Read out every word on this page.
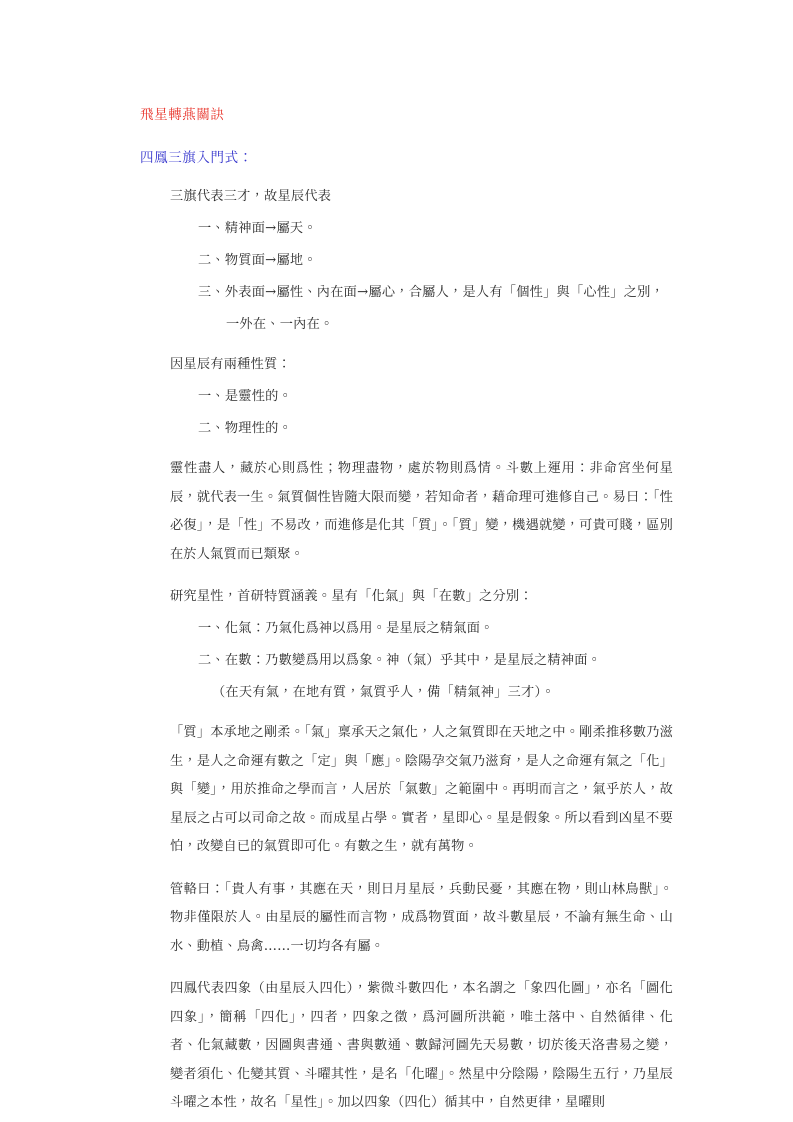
飛星轉燕關訣
四鳳三旗入門式：

三旗代表三才，故星辰代表

一、精神面→屬天。

二、物質面→屬地。

三、外表面→屬性、內在面→屬心，合屬人，是人有「個性」與「心性」之別，

一外在、一內在。

因星辰有兩種性質：

一、是靈性的。

二、物理性的。

靈性盡人，藏於心則爲性；物理盡物，處於物則爲情。斗數上運用：非命宮坐何星辰，就代表一生。氣質個性皆隨大限而變，若知命者，藉命理可進修自己。易曰：「性必復」，是「性」不易改，而進修是化其「質」。「質」變，機遇就變，可貴可賤，區別在於人氣質而已類聚。

研究星性，首研特質涵義。星有「化氣」與「在數」之分別：

一、化氣：乃氣化爲神以爲用。是星辰之精氣面。

二、在數：乃數變爲用以爲象。神（氣）乎其中，是星辰之精神面。

（在天有氣，在地有質，氣質乎人，備「精氣神」三才）。

「質」本承地之剛柔。「氣」稟承天之氣化，人之氣質即在天地之中。剛柔推移數乃滋生，是人之命運有數之「定」與「應」。陰陽孕交氣乃滋育，是人之命運有氣之「化」與「變」，用於推命之學而言，人居於「氣數」之範圍中。再明而言之，氣乎於人，故星辰之占可以司命之故。而成星占學。實者，星即心。星是假象。所以看到凶星不要怕，改變自已的氣質即可化。有數之生，就有萬物。

管輅曰：「貴人有事，其應在天，則日月星辰，兵動民憂，其應在物，則山林鳥獸」。物非僅限於人。由星辰的屬性而言物，成爲物質面，故斗數星辰，不論有無生命、山水、動植、鳥禽……一切均各有屬。

四鳳代表四象（由星辰入四化），紫微斗數四化，本名謂之「象四化圖」，亦名「圖化四象」，簡稱「四化」，四者，四象之徵，爲河圖所洪範，唯土落中、自然循律、化者、化氣藏數，因圖與書通、書與數通、數歸河圖先天易數，切於後天洛書易之變，變者須化、化變其質、斗曜其性，是名「化曜」。然星中分陰陽，陰陽生五行，乃星辰斗曜之本性，故名「星性」。加以四象（四化）循其中，自然更律，星曜則
